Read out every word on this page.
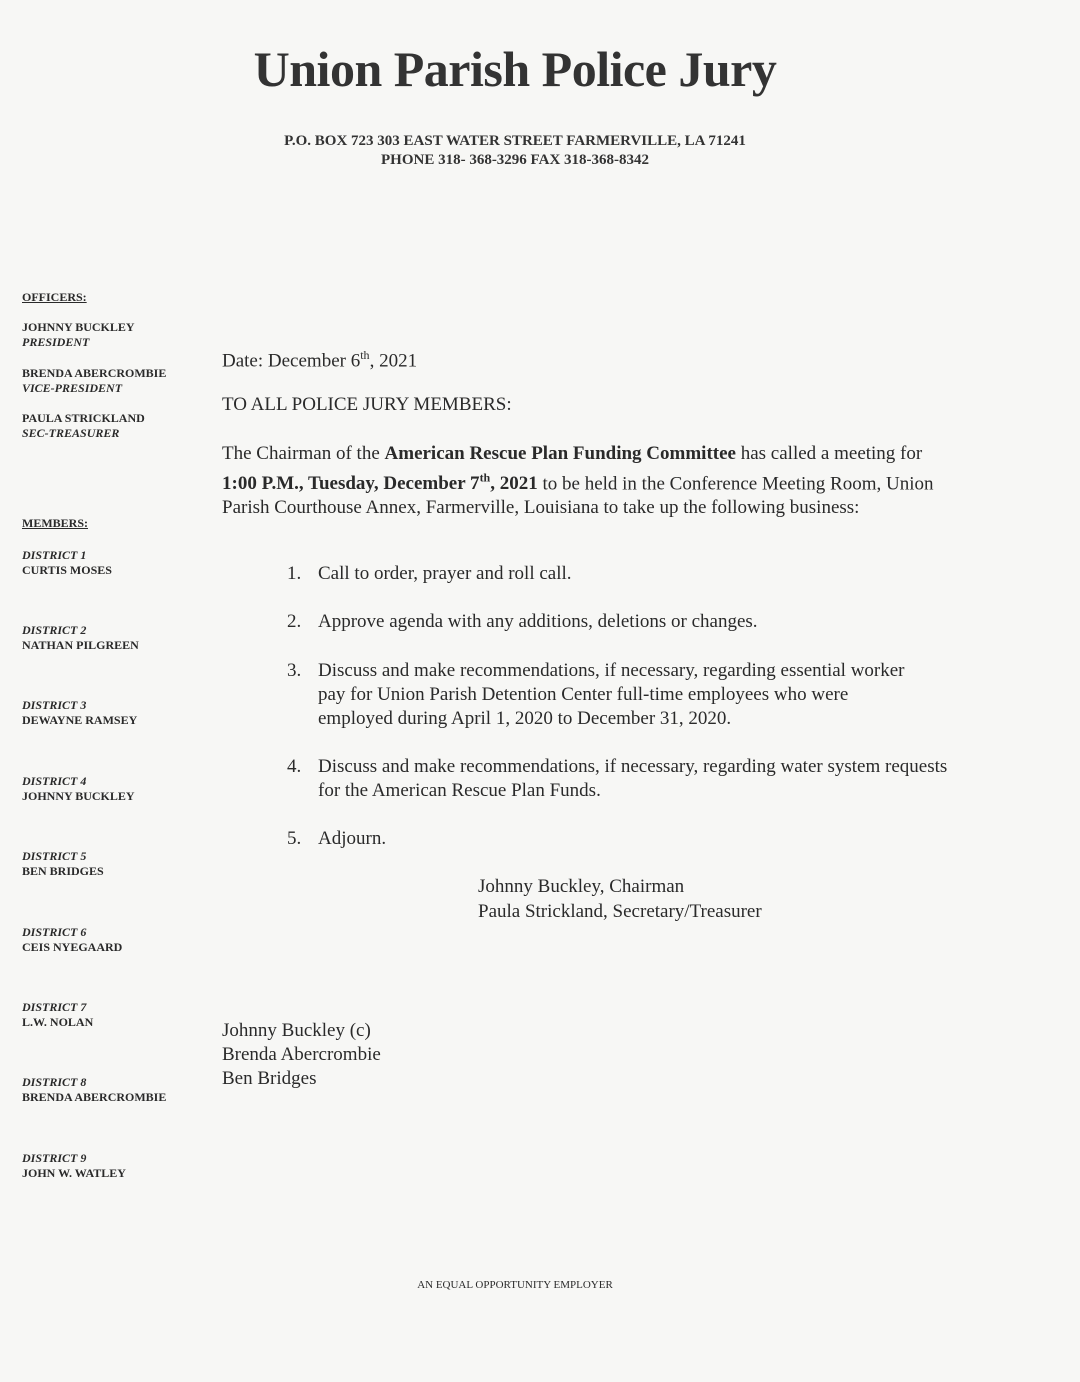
Union Parish Police Jury
P.O. BOX 723 303 EAST WATER STREET FARMERVILLE, LA 71241
PHONE 318- 368-3296 FAX 318-368-8342
OFFICERS:
JOHNNY BUCKLEY
PRESIDENT
BRENDA ABERCROMBIE
VICE-PRESIDENT
PAULA STRICKLAND
SEC-TREASURER
MEMBERS:
DISTRICT 1
CURTIS MOSES
DISTRICT 2
NATHAN PILGREEN
DISTRICT 3
DEWAYNE RAMSEY
DISTRICT 4
JOHNNY BUCKLEY
DISTRICT 5
BEN BRIDGES
DISTRICT 6
CEIS NYEGAARD
DISTRICT 7
L.W. NOLAN
DISTRICT 8
BRENDA ABERCROMBIE
DISTRICT 9
JOHN W. WATLEY
Date: December 6th, 2021
TO ALL POLICE JURY MEMBERS:
The Chairman of the American Rescue Plan Funding Committee has called a meeting for 1:00 P.M., Tuesday, December 7th, 2021 to be held in the Conference Meeting Room, Union Parish Courthouse Annex, Farmerville, Louisiana to take up the following business:
1. Call to order, prayer and roll call.
2. Approve agenda with any additions, deletions or changes.
3. Discuss and make recommendations, if necessary, regarding essential worker pay for Union Parish Detention Center full-time employees who were employed during April 1, 2020 to December 31, 2020.
4. Discuss and make recommendations, if necessary, regarding water system requests for the American Rescue Plan Funds.
5. Adjourn.
Johnny Buckley, Chairman
Paula Strickland, Secretary/Treasurer
Johnny Buckley (c)
Brenda Abercrombie
Ben Bridges
AN EQUAL OPPORTUNITY EMPLOYER
